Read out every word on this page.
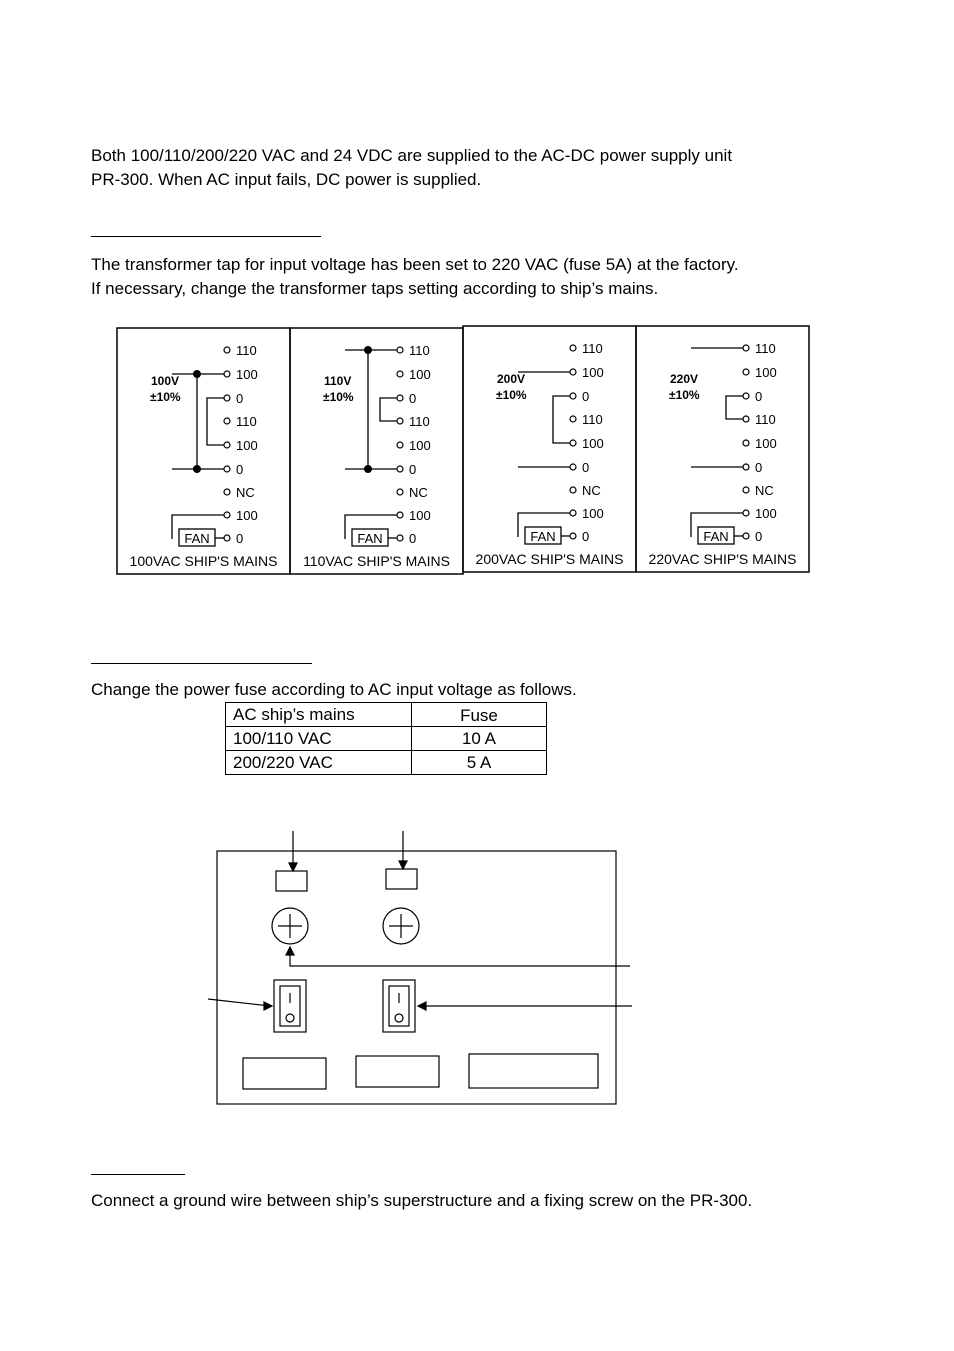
Both 100/110/200/220 VAC and 24 VDC are supplied to the AC-DC power supply unit
PR-300. When AC input fails, DC power is supplied.

The transformer tap for input voltage has been set to 220 VAC (fuse 5A) at the factory.
If necessary, change the transformer taps setting according to ship’s mains.

110
100
0
110
100
0
NC
100
0
FAN
100V
±10%
100VAC SHIP'S MAINS
110
100
0
110
100
0
NC
100
0
FAN
110V
±10%
110VAC SHIP'S MAINS
110
100
0
110
100
0
NC
100
0
FAN
200V
±10%
200VAC SHIP'S MAINS
110
100
0
110
100
0
NC
100
0
FAN
220V
±10%
220VAC SHIP'S MAINS

Change the power fuse according to AC input voltage as follows.

AC ship’s mains	Fuse
100/110 VAC	10 A
200/220 VAC	5 A

Connect a ground wire between ship’s superstructure and a fixing screw on the PR-300.
